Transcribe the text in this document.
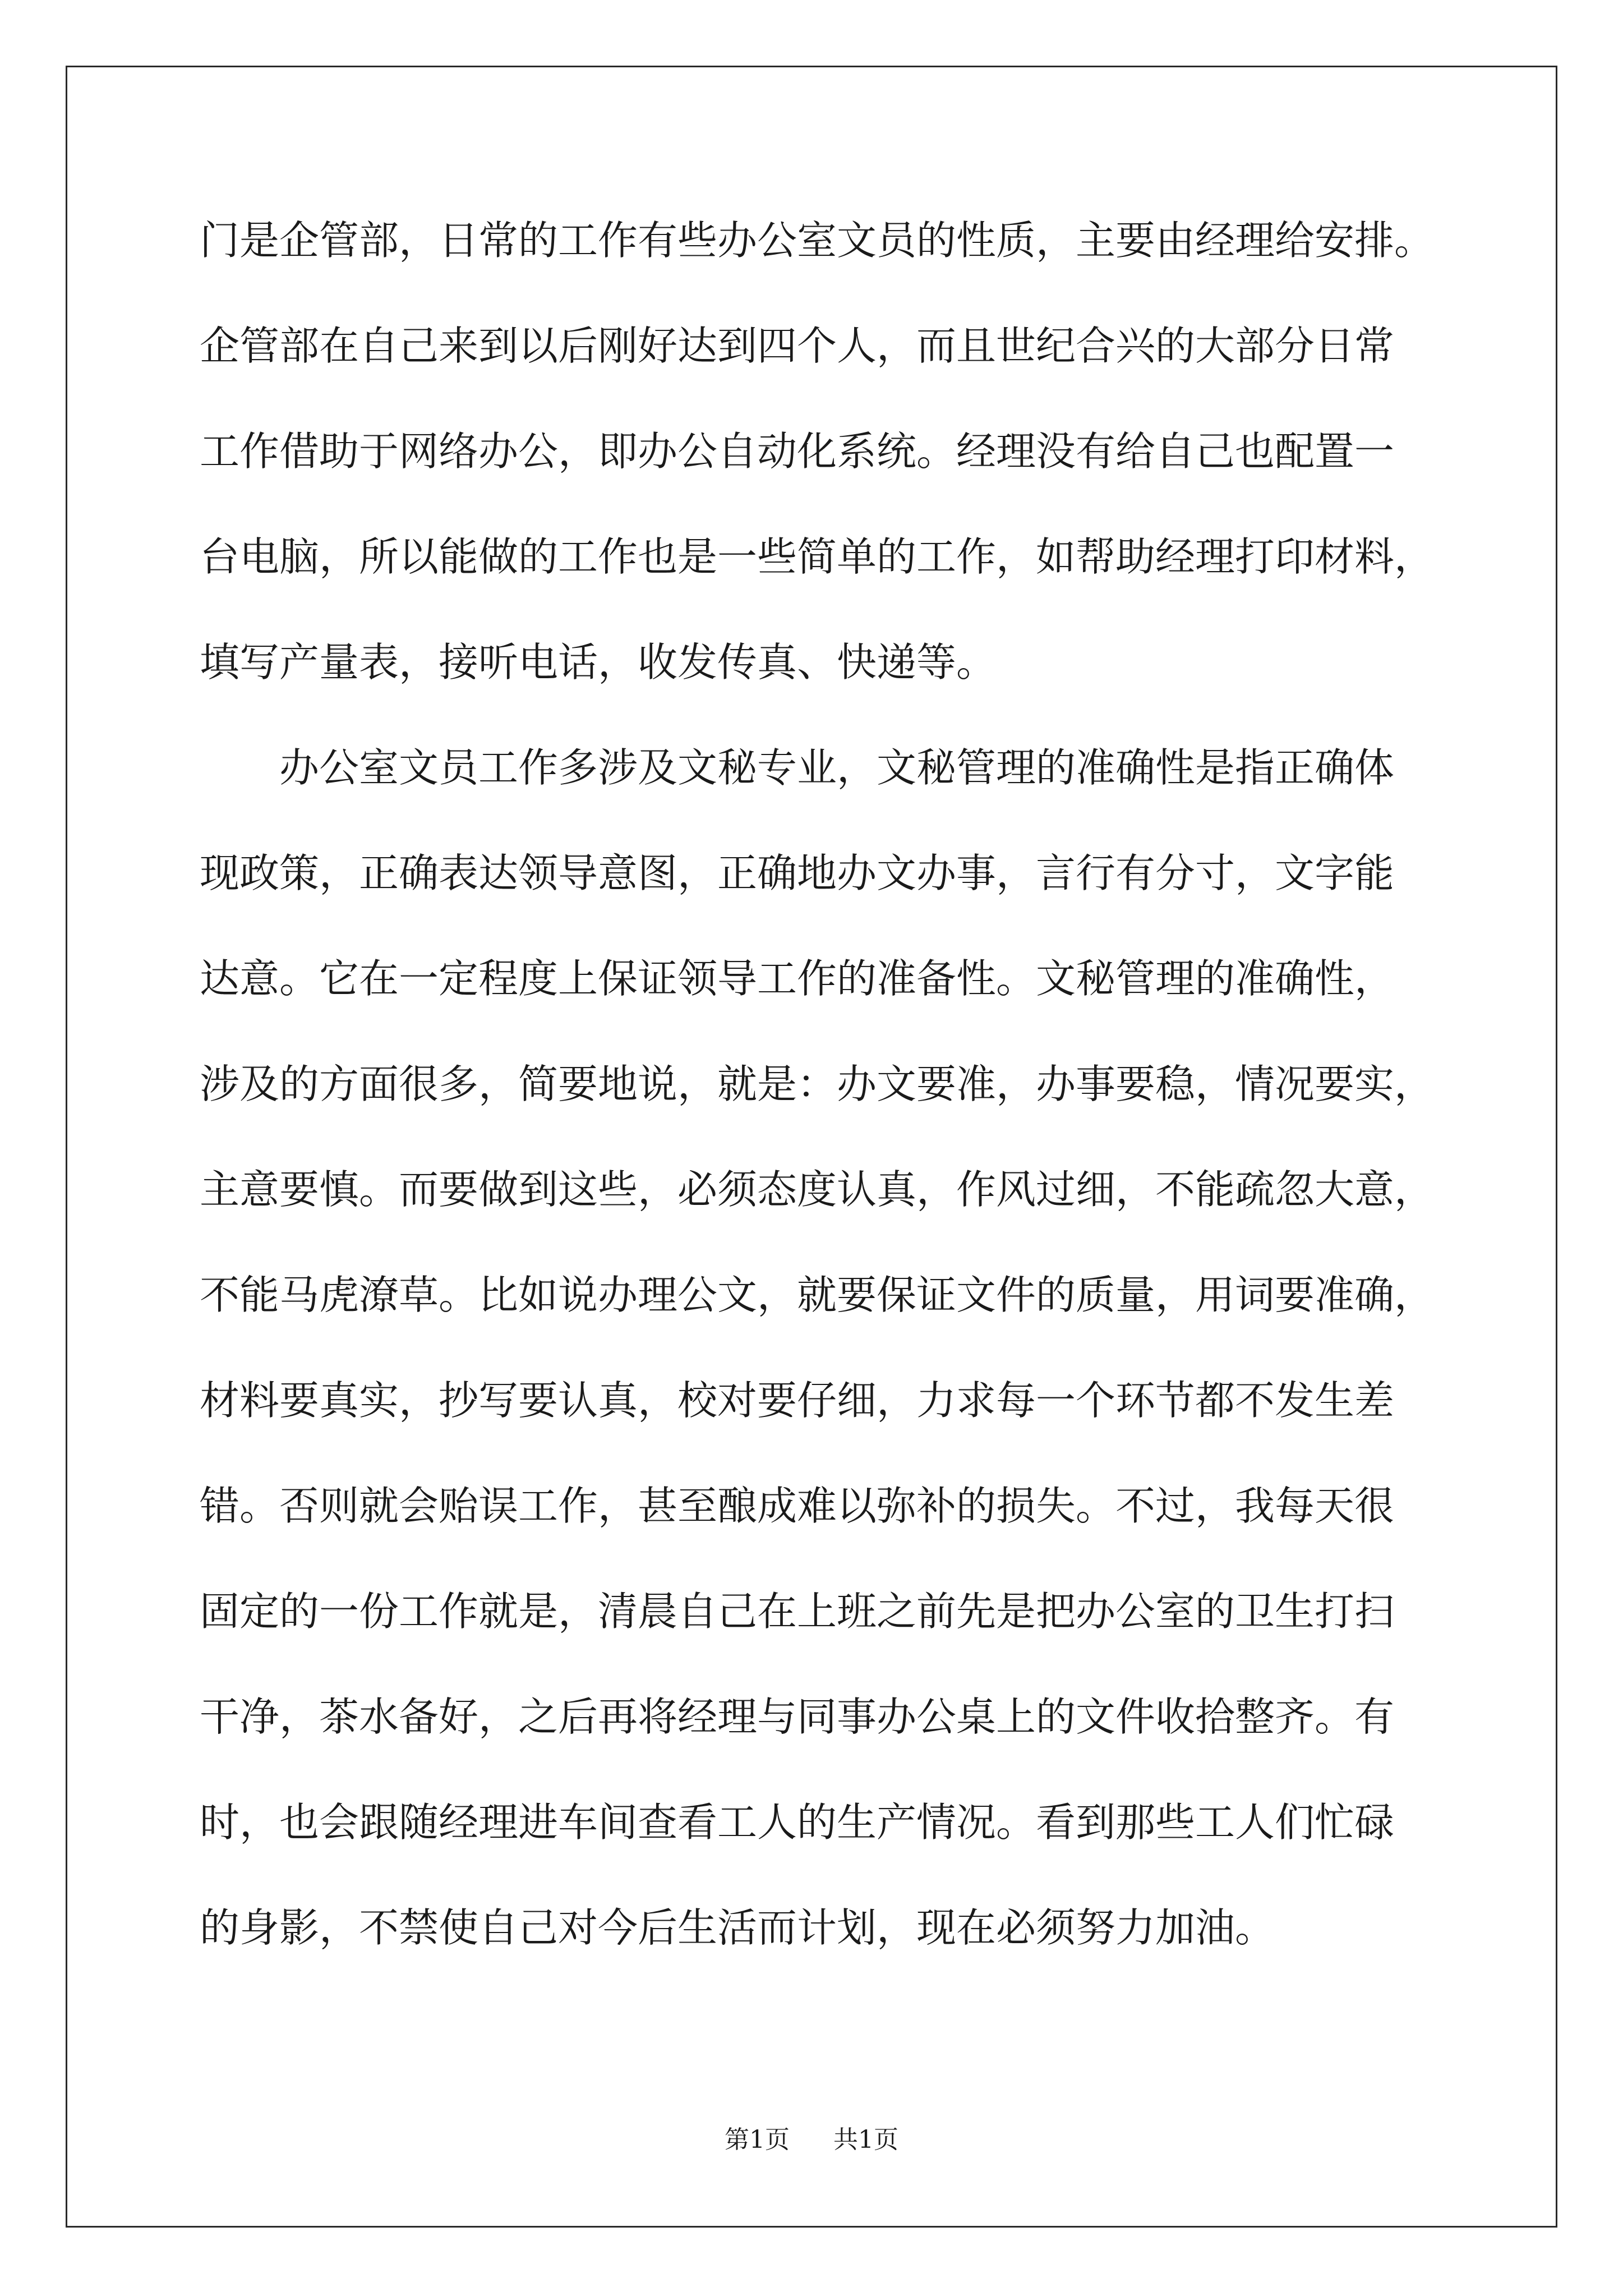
门是企管部，日常的工作有些办公室文员的性质，主要由经理给安排。
企管部在自己来到以后刚好达到四个人，而且世纪合兴的大部分日常
工作借助于网络办公，即办公自动化系统。经理没有给自己也配置一
台电脑，所以能做的工作也是一些简单的工作，如帮助经理打印材料，
填写产量表，接听电话，收发传真、快递等。
　　办公室文员工作多涉及文秘专业，文秘管理的准确性是指正确体
现政策，正确表达领导意图，正确地办文办事，言行有分寸，文字能
达意。它在一定程度上保证领导工作的准备性。文秘管理的准确性，
涉及的方面很多，简要地说，就是：办文要准，办事要稳，情况要实，
主意要慎。而要做到这些，必须态度认真，作风过细，不能疏忽大意，
不能马虎潦草。比如说办理公文，就要保证文件的质量，用词要准确，
材料要真实，抄写要认真，校对要仔细，力求每一个环节都不发生差
错。否则就会贻误工作，甚至酿成难以弥补的损失。不过，我每天很
固定的一份工作就是，清晨自己在上班之前先是把办公室的卫生打扫
干净，茶水备好，之后再将经理与同事办公桌上的文件收拾整齐。有
时，也会跟随经理进车间查看工人的生产情况。看到那些工人们忙碌
的身影，不禁使自己对今后生活而计划，现在必须努力加油。
第1页 共1页
